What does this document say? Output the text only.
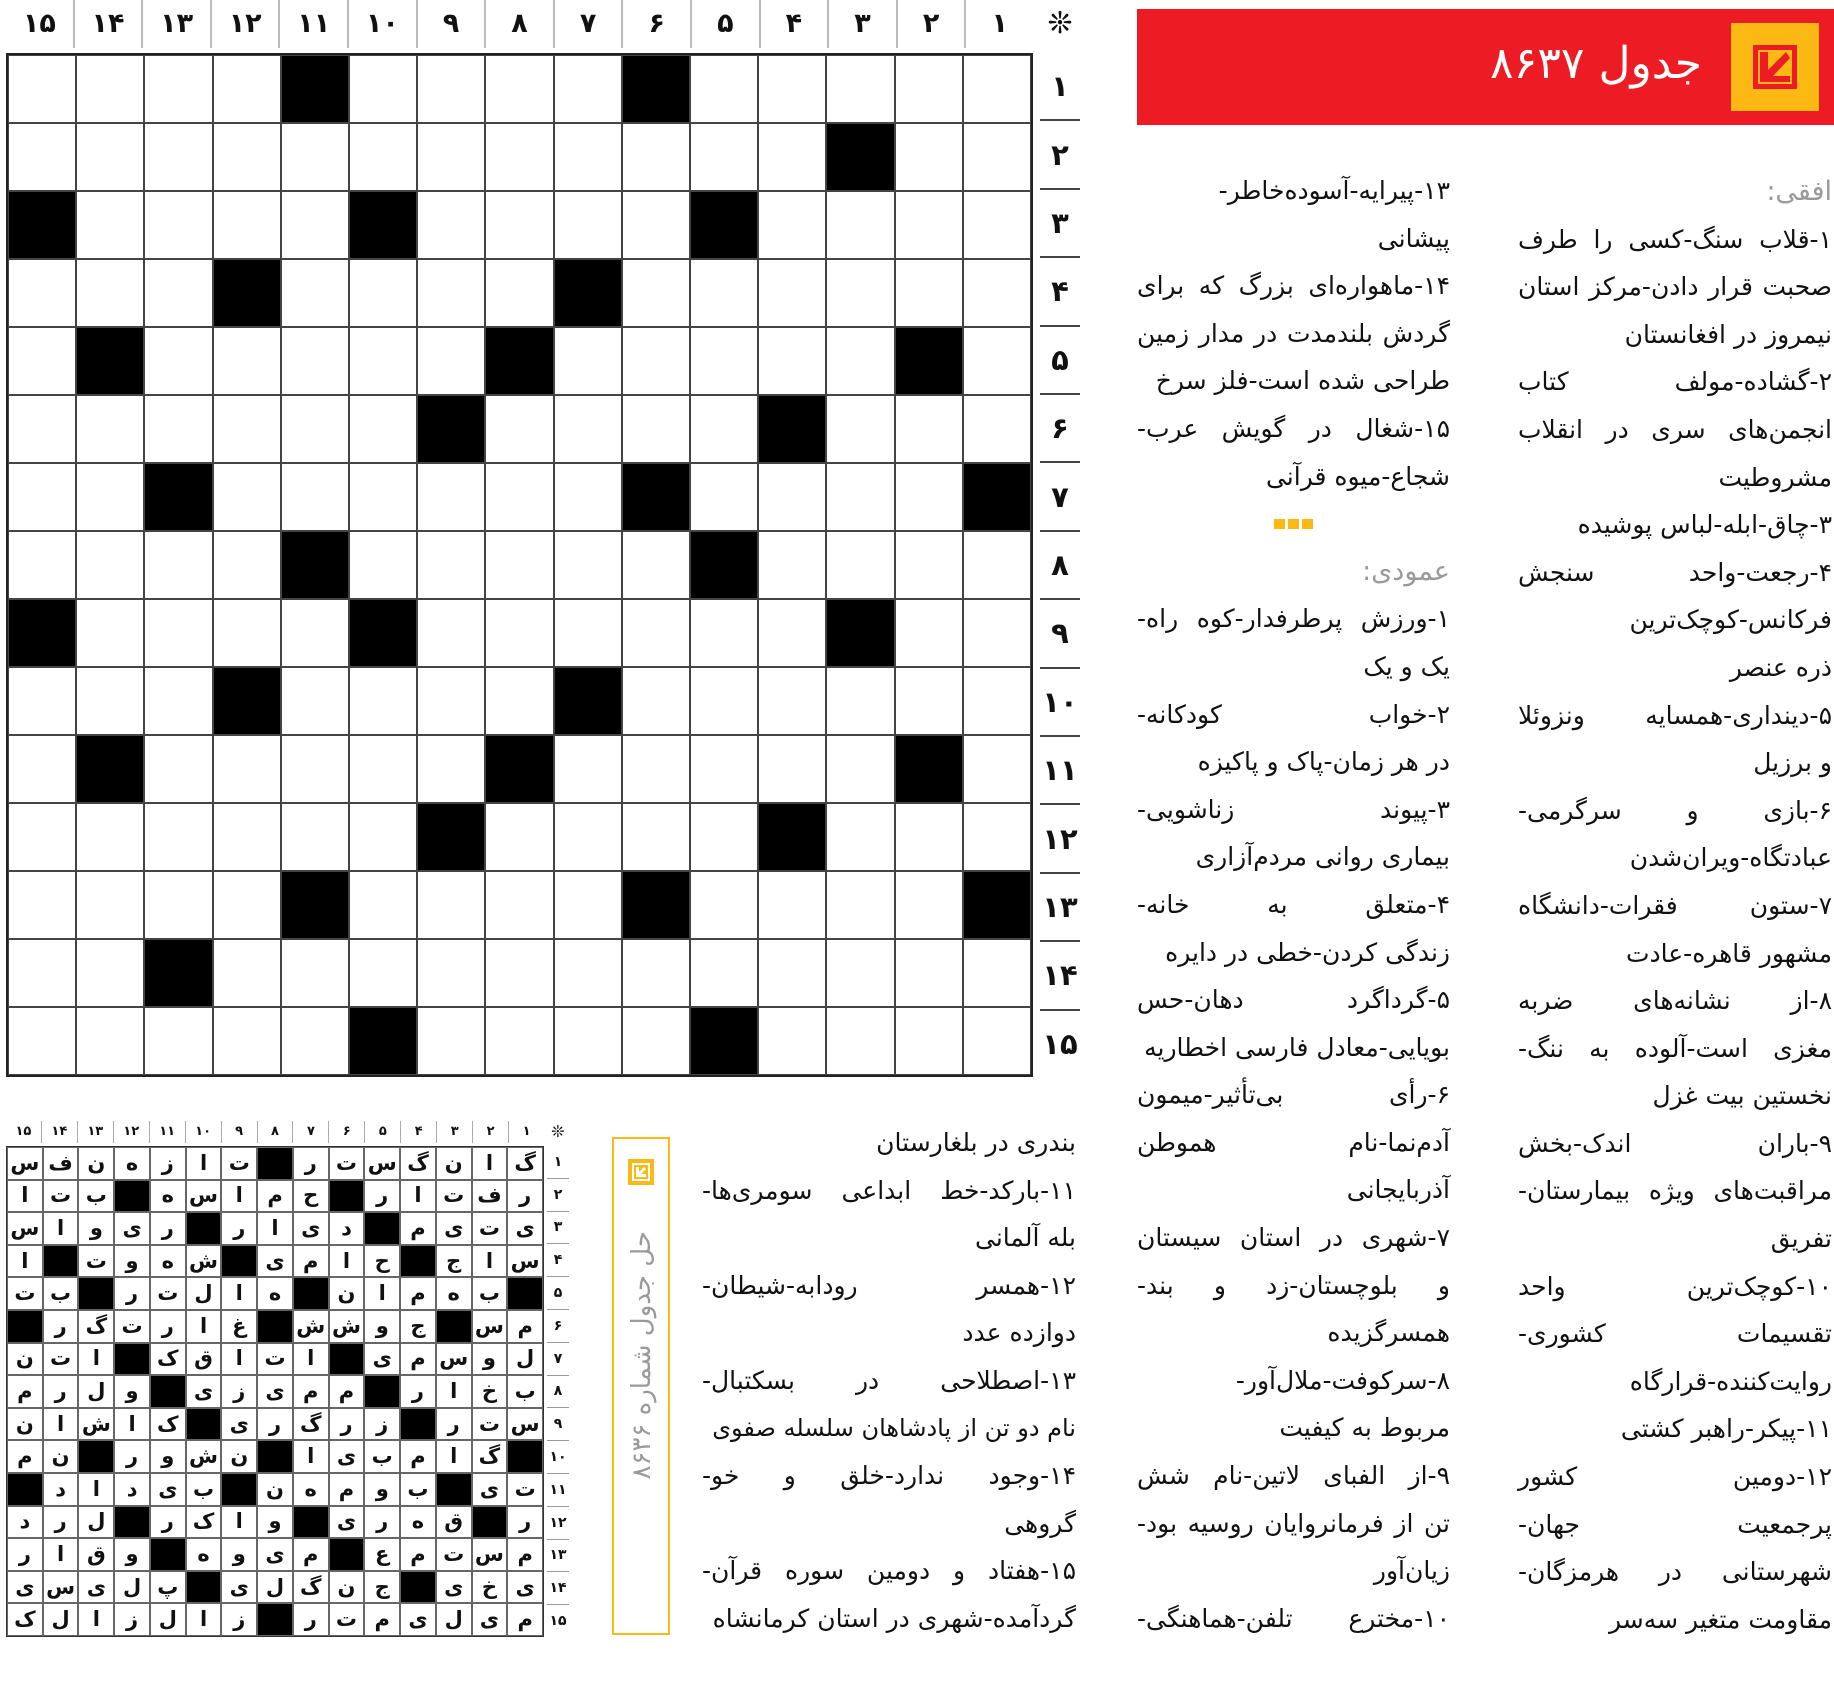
جدول ۸۶۳۷
۱
۲
۳
۴
۵
۶
۷
۸
۹
۱۰
۱۱
۱۲
۱۳
۱۴
۱۵	❊
۱
۲
۳
۴
۵
۶
۷
۸
۹
۱۰
۱۱
۱۲
۱۳
۱۴
۱۵
افقی:
۱-قلاب سنگ-کسی را طرف
صحبت قرار دادن-مرکز استان
نیمروز در افغانستان
۲-گشاده-مولف کتاب
انجمن‌های سری در انقلاب
مشروطیت
۳-چاق-ابله-لباس پوشیده
۴-رجعت-واحد سنجش
فرکانس-کوچک‌ترین
ذره عنصر
۵-دینداری-همسایه ونزوئلا
و برزیل
۶-بازی و سرگرمی-
عبادتگاه-ویران‌شدن
۷-ستون فقرات-دانشگاه
مشهور قاهره-عادت
۸-از نشانه‌های ضربه
مغزی است-آلوده به ننگ-
نخستین بیت غزل
۹-باران اندک-بخش
مراقبت‌های ویژه بیمارستان-
تفریق
۱۰-کوچک‌ترین واحد
تقسیمات کشوری-
روایت‌کننده-قرارگاه
۱۱-پیکر-راهبر کشتی
۱۲-دومین کشور
پرجمعیت جهان-
شهرستانی در هرمزگان-
مقاومت متغیر سه‌سر
۱۳-پیرایه-آسوده‌خاطر-
پیشانی
۱۴-ماهواره‌ای بزرگ که برای
گردش بلندمدت در مدار زمین
طراحی شده است-فلز سرخ
۱۵-شغال در گویش عرب-
شجاع-میوه قرآنی
عمودی:
۱-ورزش پرطرفدار-کوه راه-
یک و یک
۲-خواب کودکانه-
در هر زمان-پاک و پاکیزه
۳-پیوند زناشویی-
بیماری روانی مردم‌آزاری
۴-متعلق به خانه-
زندگی کردن-خطی در دایره
۵-گرداگرد دهان-حس
بویایی-معادل فارسی اخطاریه
۶-رأی بی‌تأثیر-میمون
آدم‌نما-نام هموطن
آذربایجانی
۷-شهری در استان سیستان
و بلوچستان-زد و بند-
همسرگزیده
۸-سرکوفت-ملال‌آور-
مربوط به کیفیت
۹-از الفبای لاتین-نام شش
تن از فرمانروایان روسیه بود-
زیان‌آور
۱۰-مخترع تلفن-هماهنگی-
بندری در بلغارستان
۱۱-بارکد-خط ابداعی سومری‌ها-
بله آلمانی
۱۲-همسر رودابه-شیطان-
دوازده عدد
۱۳-اصطلاحی در بسکتبال-
نام دو تن از پادشاهان سلسله صفوی
۱۴-وجود ندارد-خلق و خو-
گروهی
۱۵-هفتاد و دومین سوره قرآن-
گردآمده-شهری در استان کرمانشاه
۱
۲
۳
۴
۵
۶
۷
۸
۹
۱۰
۱۱
۱۲
۱۳
۱۴
۱۵	❊
گ
ا
ن
گ
س
ت
ر
ت
ا
ز
ه
ن
ف
س
ر
ف
ت
ا
ر
ح
م
ا
س
ه
ب
ت
ا
ی
ت
ی
م
د
ی
ا
ر
ر
ی
و
ا
س
س
ا
ج
ح
ا
م
ی
ش
ه
و
ت
ا
ب
ه
م
ا
ن
ه
ا
ل
ت
ر
ب
ت
م
س
ج
و
ش
ش
غ
ا
ر
ت
گ
ر
ل
و
س
م
ی
ا
ت
ا
ق
ک
ا
ت
ن
ب
خ
ا
ر
م
م
ی
ز
ی
و
ل
ر
م
س
ت
ر
ز
ر
گ
ر
ی
ک
ا
ش
ا
ن
گ
ا
م
ب
ی
ا
ن
ش
و
ر
ن
م
ت
ی
ب
و
م
ه
ن
ب
ی
د
ا
د
ر
ق
ه
ر
ی
و
ا
ک
ر
ل
ر
د
م
س
ت
م
ع
م
ی
و
ه
و
ق
ا
ر
ی
خ
ی
ج
ن
گ
ل
ی
پ
ل
ی
س
ی
م
ی
ل
ی
م
ت
ر
ز
ا
ل
ز
ا
ل
ک
۱
۲
۳
۴
۵
۶
۷
۸
۹
۱۰
۱۱
۱۲
۱۳
۱۴
۱۵
حل جدول شماره ۸۶۳۶
